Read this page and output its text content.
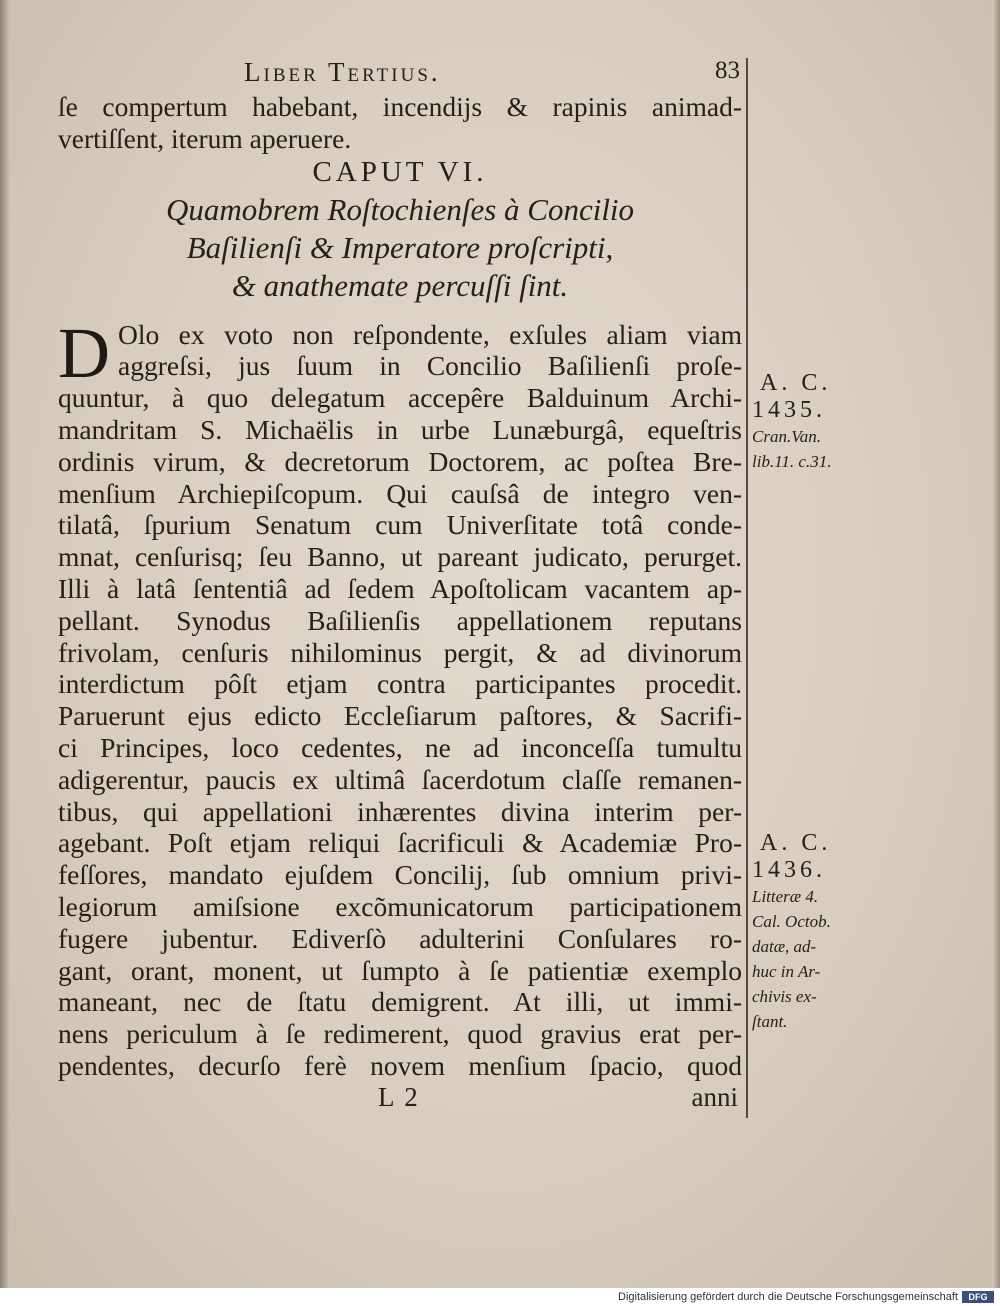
Liber Tertius.	83
ſe compertum habebant, incendijs & rapinis animad-
vertiſſent, iterum aperuere.
CAPUT VI.
Quamobrem Roſtochienſes à Concilio
Baſilienſi & Imperatore proſcripti,
& anathemate percuſſi ſint.
D Olo ex voto non reſpondente, exſules aliam viam
aggreſsi, jus ſuum in Concilio Baſilienſi proſe-
quuntur, à quo delegatum accepêre Balduinum Archi-
mandritam S. Michaëlis in urbe Lunæburgâ, equeſtris
ordinis virum, & decretorum Doctorem, ac poſtea Bre-
menſium Archiepiſcopum. Qui cauſsâ de integro ven-
tilatâ, ſpurium Senatum cum Univerſitate totâ conde-
mnat, cenſurisq; ſeu Banno, ut pareant judicato, perurget.
Illi à latâ ſententiâ ad ſedem Apoſtolicam vacantem ap-
pellant. Synodus Baſilienſis appellationem reputans
frivolam, cenſuris nihilominus pergit, & ad divinorum
interdictum pôſt etjam contra participantes procedit.
Paruerunt ejus edicto Eccleſiarum paſtores, & Sacrifi-
ci Principes, loco cedentes, ne ad inconceſſa tumultu
adigerentur, paucis ex ultimâ ſacerdotum claſſe remanen-
tibus, qui appellationi inhærentes divina interim per-
agebant. Poſt etjam reliqui ſacrificuli & Academiæ Pro-
feſſores, mandato ejuſdem Concilij, ſub omnium privi-
legiorum amiſsione excõmunicatorum participationem
fugere jubentur. Ediverſò adulterini Conſulares ro-
gant, orant, monent, ut ſumpto à ſe patientiæ exemplo
maneant, nec de ſtatu demigrent. At illi, ut immi-
nens periculum à ſe redimerent, quod gravius erat per-
pendentes, decurſo ferè novem menſium ſpacio, quod
L 2	anni
A. C.
1435.
Cran.Van.
lib.11. c.31.
A. C.
1436.
Litteræ 4.
Cal. Octob.
datæ, ad-
huc in Ar-
chivis ex-
ſtant.
Digitalisierung gefördert durch die Deutsche Forschungsgemeinschaft	DFG
